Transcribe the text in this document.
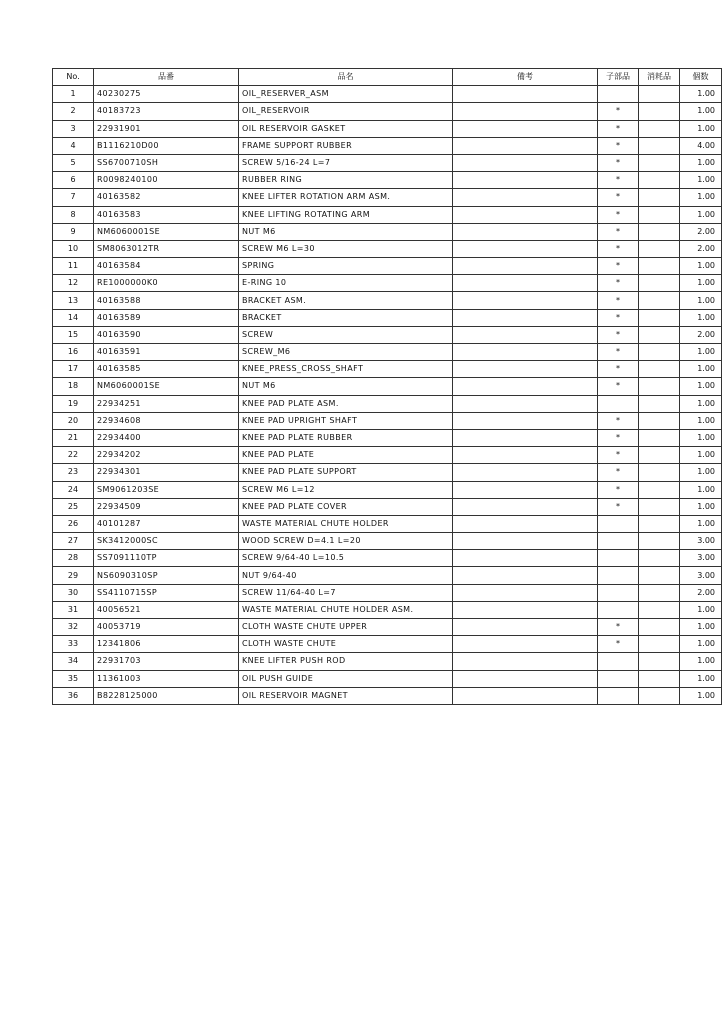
No.	品番	品名	備考	子部品	消耗品	個数
1	40230275	OIL_RESERVER_ASM				1.00
2	40183723	OIL_RESERVOIR		*		1.00
3	22931901	OIL RESERVOIR GASKET		*		1.00
4	B1116210D00	FRAME SUPPORT RUBBER		*		4.00
5	SS6700710SH	SCREW 5/16-24 L=7		*		1.00
6	R0098240100	RUBBER RING		*		1.00
7	40163582	KNEE LIFTER ROTATION ARM ASM.		*		1.00
8	40163583	KNEE LIFTING ROTATING ARM		*		1.00
9	NM6060001SE	NUT M6		*		2.00
10	SM8063012TR	SCREW M6 L=30		*		2.00
11	40163584	SPRING		*		1.00
12	RE1000000K0	E-RING 10		*		1.00
13	40163588	BRACKET ASM.		*		1.00
14	40163589	BRACKET		*		1.00
15	40163590	SCREW		*		2.00
16	40163591	SCREW_M6		*		1.00
17	40163585	KNEE_PRESS_CROSS_SHAFT		*		1.00
18	NM6060001SE	NUT M6		*		1.00
19	22934251	KNEE PAD PLATE ASM.				1.00
20	22934608	KNEE PAD UPRIGHT SHAFT		*		1.00
21	22934400	KNEE PAD PLATE RUBBER		*		1.00
22	22934202	KNEE PAD PLATE		*		1.00
23	22934301	KNEE PAD PLATE SUPPORT		*		1.00
24	SM9061203SE	SCREW M6 L=12		*		1.00
25	22934509	KNEE PAD PLATE COVER		*		1.00
26	40101287	WASTE MATERIAL CHUTE HOLDER				1.00
27	SK3412000SC	WOOD SCREW D=4.1 L=20				3.00
28	SS7091110TP	SCREW 9/64-40 L=10.5				3.00
29	NS6090310SP	NUT 9/64-40				3.00
30	SS4110715SP	SCREW 11/64-40 L=7				2.00
31	40056521	WASTE MATERIAL CHUTE HOLDER ASM.				1.00
32	40053719	CLOTH WASTE CHUTE UPPER		*		1.00
33	12341806	CLOTH WASTE CHUTE		*		1.00
34	22931703	KNEE LIFTER PUSH ROD				1.00
35	11361003	OIL PUSH GUIDE				1.00
36	B8228125000	OIL RESERVOIR MAGNET				1.00
